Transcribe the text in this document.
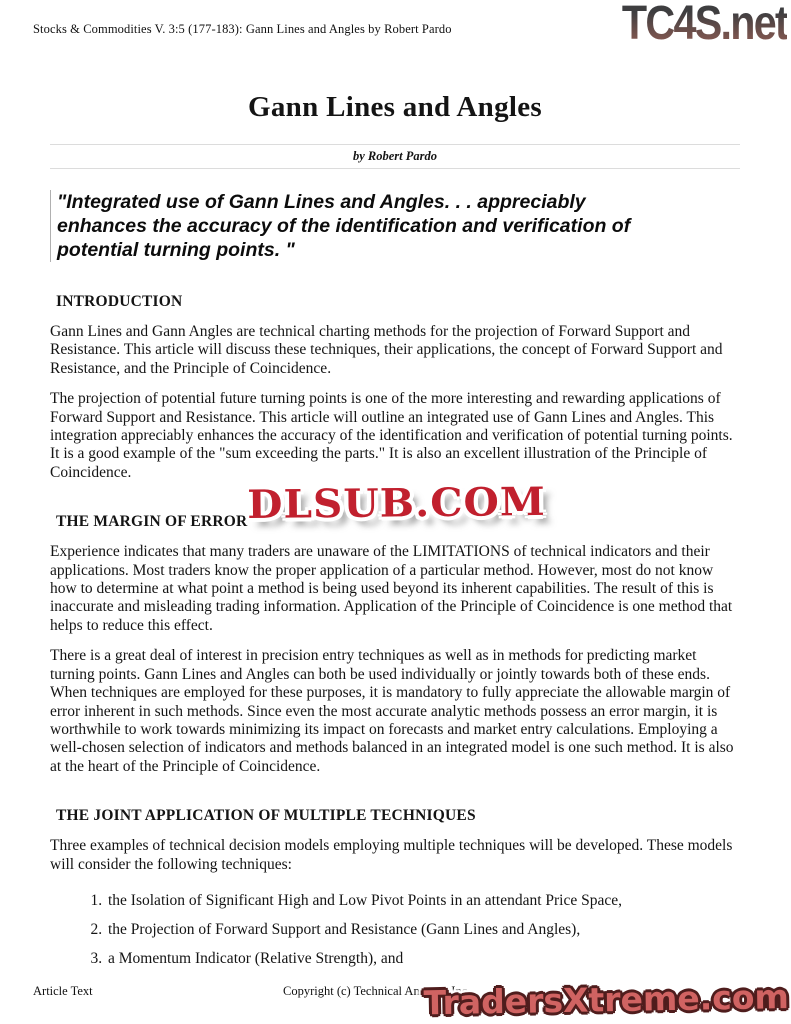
Stocks & Commodities V. 3:5 (177-183): Gann Lines and Angles by Robert Pardo	TC4S.net
Gann Lines and Angles
by Robert Pardo
"Integrated use of Gann Lines and Angles. . . appreciably enhances the accuracy of the identification and verification of potential turning points. "
INTRODUCTION

Gann Lines and Gann Angles are technical charting methods for the projection of Forward Support and Resistance. This article will discuss these techniques, their applications, the concept of Forward Support and Resistance, and the Principle of Coincidence.

The projection of potential future turning points is one of the more interesting and rewarding applications of Forward Support and Resistance. This article will outline an integrated use of Gann Lines and Angles. This integration appreciably enhances the accuracy of the identification and verification of potential turning points. It is a good example of the "sum exceeding the parts." It is also an excellent illustration of the Principle of Coincidence.

THE MARGIN OF ERROR

Experience indicates that many traders are unaware of the LIMITATIONS of technical indicators and their applications. Most traders know the proper application of a particular method. However, most do not know how to determine at what point a method is being used beyond its inherent capabilities. The result of this is inaccurate and misleading trading information. Application of the Principle of Coincidence is one method that helps to reduce this effect.

There is a great deal of interest in precision entry techniques as well as in methods for predicting market turning points. Gann Lines and Angles can both be used individually or jointly towards both of these ends. When techniques are employed for these purposes, it is mandatory to fully appreciate the allowable margin of error inherent in such methods. Since even the most accurate analytic methods possess an error margin, it is worthwhile to work towards minimizing its impact on forecasts and market entry calculations. Employing a well-chosen selection of indicators and methods balanced in an integrated model is one such method. It is also at the heart of the Principle of Coincidence.

THE JOINT APPLICATION OF MULTIPLE TECHNIQUES

Three examples of technical decision models employing multiple techniques will be developed. These models will consider the following techniques:

1. the Isolation of Significant High and Low Pivot Points in an attendant Price Space,
2. the Projection of Forward Support and Resistance (Gann Lines and Angles),
3. a Momentum Indicator (Relative Strength), and
DLSUB.COM
Article Text	Copyright (c) Technical Analysis Inc.
TradersXtreme.com
